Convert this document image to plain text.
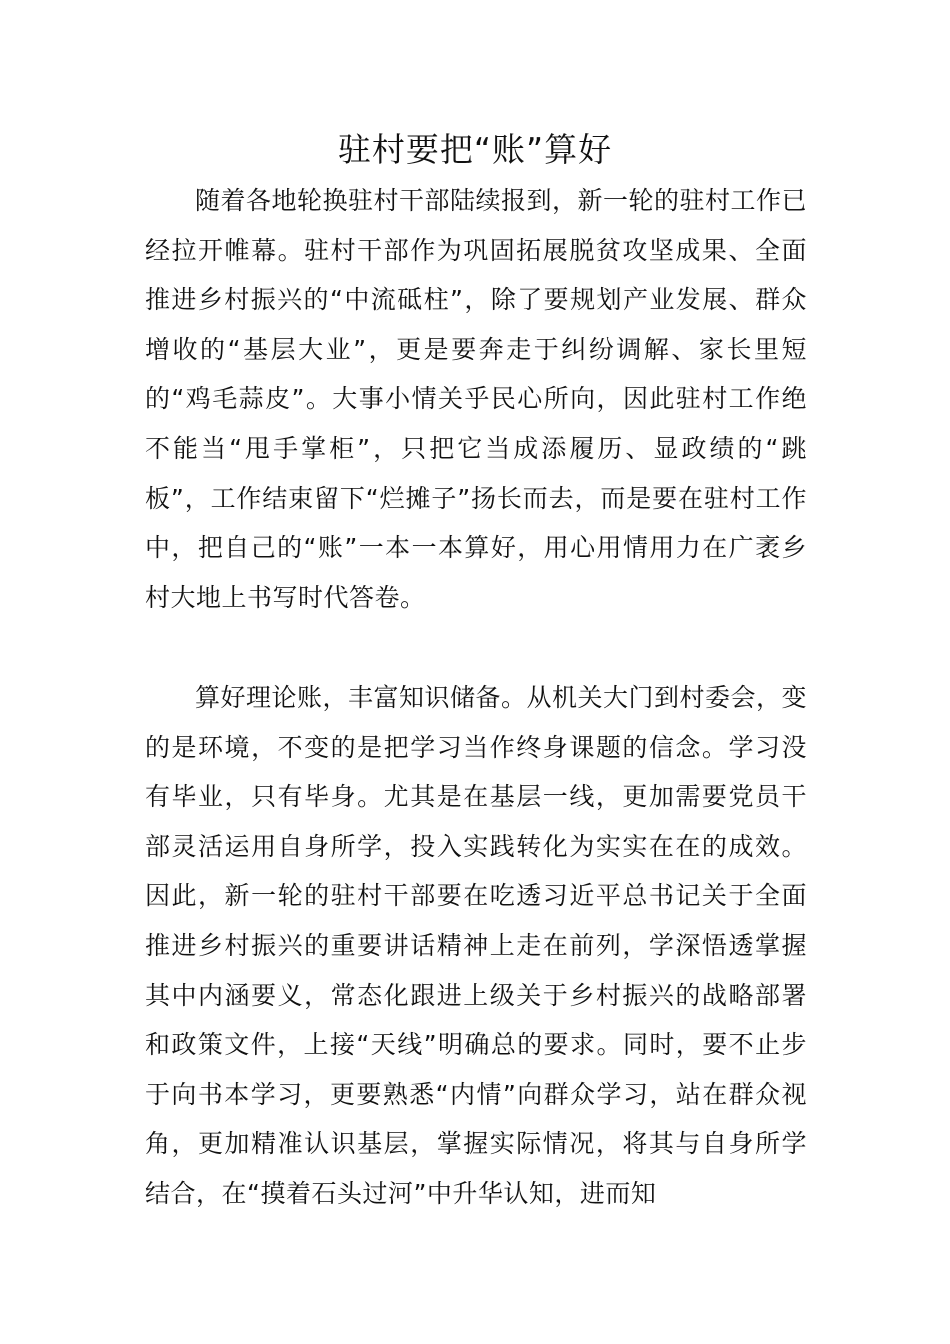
驻村要把“账”算好

随着各地轮换驻村干部陆续报到，新一轮的驻村工作已经拉开帷幕。驻村干部作为巩固拓展脱贫攻坚成果、全面推进乡村振兴的“中流砥柱”，除了要规划产业发展、群众增收的“基层大业”，更是要奔走于纠纷调解、家长里短的“鸡毛蒜皮”。大事小情关乎民心所向，因此驻村工作绝不能当“甩手掌柜”，只把它当成添履历、显政绩的“跳板”，工作结束留下“烂摊子”扬长而去，而是要在驻村工作中，把自己的“账”一本一本算好，用心用情用力在广袤乡村大地上书写时代答卷。

算好理论账，丰富知识储备。从机关大门到村委会，变的是环境，不变的是把学习当作终身课题的信念。学习没有毕业，只有毕身。尤其是在基层一线，更加需要党员干部灵活运用自身所学，投入实践转化为实实在在的成效。因此，新一轮的驻村干部要在吃透习近平总书记关于全面推进乡村振兴的重要讲话精神上走在前列，学深悟透掌握其中内涵要义，常态化跟进上级关于乡村振兴的战略部署和政策文件，上接“天线”明确总的要求。同时，要不止步于向书本学习，更要熟悉“内情”向群众学习，站在群众视角，更加精准认识基层，掌握实际情况，将其与自身所学结合，在“摸着石头过河”中升华认知，进而知
